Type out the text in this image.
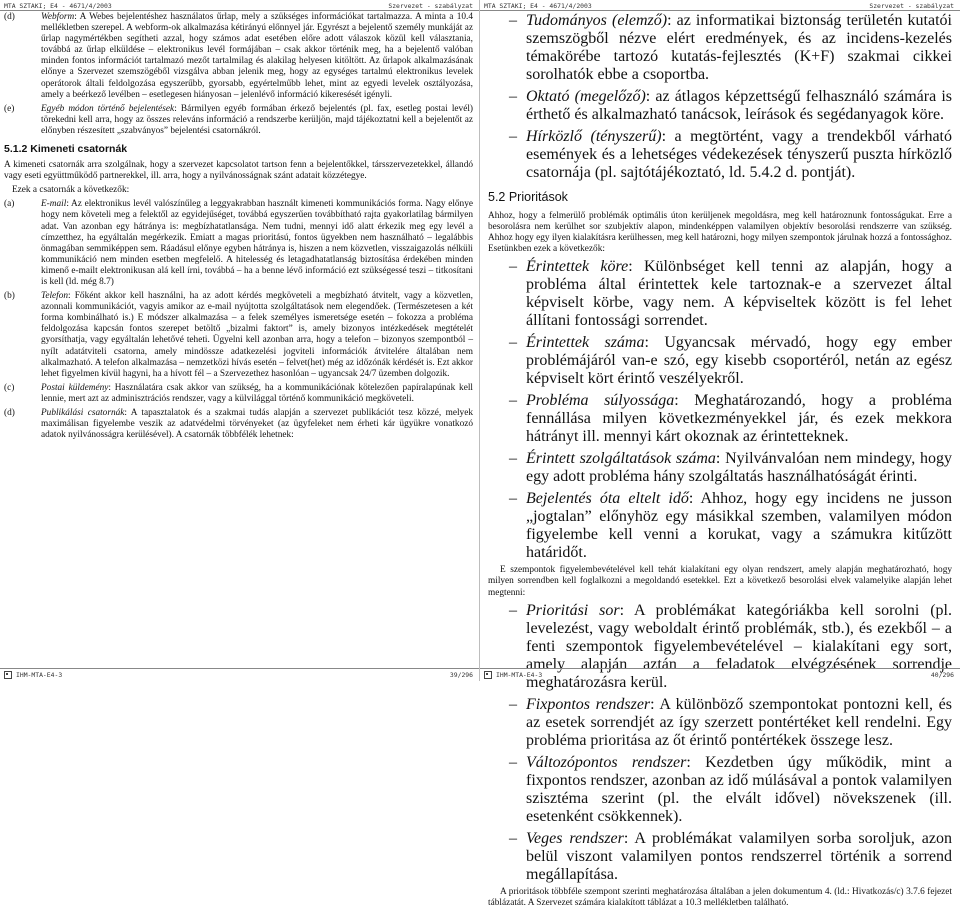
MTA SZTAKI; E4 - 4671/4/2003	Szervezet - szabályzat
(d)	Webform: A Webes bejelentéshez használatos űrlap, mely a szükséges információkat tartalmazza. A minta a 10.4 mellékletben szerepel. A webform-ok alkalmazása kétirányú előnnyel jár. Egyrészt a bejelentő személy munkáját az űrlap nagymértékben segítheti azzal, hogy számos adat esetében előre adott válaszok közül kell választania, továbbá az űrlap elküldése – elektronikus levél formájában – csak akkor történik meg, ha a bejelentő valóban minden fontos információt tartalmazó mezőt tartalmilag és alakilag helyesen kitöltött. Az űrlapok alkalmazásának előnye a Szervezet szemszögéből vizsgálva abban jelenik meg, hogy az egységes tartalmú elektronikus levelek operátorok általi feldolgozása egyszerűbb, gyorsabb, egyértelműbb lehet, mint az egyedi levelek osztályozása, amely a beérkező levélben – esetlegesen hiányosan – jelenlévő információ kikeresését igényli.
(e)	Egyéb módon történő bejelentések: Bármilyen egyéb formában érkező bejelentés (pl. fax, esetleg postai levél) törekedni kell arra, hogy az összes releváns információ a rendszerbe kerüljön, majd tájékoztatni kell a bejelentőt az előnyben részesített „szabványos” bejelentési csatornákról.
5.1.2 Kimeneti csatornák

A kimeneti csatornák arra szolgálnak, hogy a szervezet kapcsolatot tartson fenn a bejelentőkkel, társszervezetekkel, állandó vagy eseti együttműködő partnerekkel, ill. arra, hogy a nyilvánosságnak szánt adatait közzétegye.

Ezek a csatornák a következők:

(a)	E-mail: Az elektronikus levél valószínűleg a leggyakrabban használt kimeneti kommunikációs forma. Nagy előnye hogy nem követeli meg a felektől az egyidejűséget, továbbá egyszerűen továbbítható rajta gyakorlatilag bármilyen adat. Van azonban egy hátránya is: megbízhatatlansága. Nem tudni, mennyi idő alatt érkezik meg egy levél a címzetthez, ha egyáltalán megérkezik. Emiatt a magas prioritású, fontos ügyekben nem használható – legalábbis önmagában semmiképpen sem. Ráadásul előnye egyben hátránya is, hiszen a nem közvetlen, visszaigazolás nélküli kommunikáció nem minden esetben megfelelő. A hitelesség és letagadhatatlanság biztosítása érdekében minden kimenő e-mailt elektronikusan alá kell írni, továbbá – ha a benne lévő információ ezt szükségessé teszi – titkosítani is kell (ld. még 8.7)
(b)	Telefon: Főként akkor kell használni, ha az adott kérdés megköveteli a megbízható átvitelt, vagy a közvetlen, azonnali kommunikációt, vagyis amikor az e-mail nyújtotta szolgáltatások nem elegendőek. (Természetesen a két forma kombinálható is.) E módszer alkalmazása – a felek személyes ismeretsége esetén – fokozza a probléma feldolgozása kapcsán fontos szerepet betöltő „bizalmi faktort” is, amely bizonyos intézkedések megtételét gyorsíthatja, vagy egyáltalán lehetővé teheti. Ügyelni kell azonban arra, hogy a telefon – bizonyos szempontból – nyílt adatátviteli csatorna, amely mindössze adatkezelési jogviteli információk átvitelére általában nem alkalmazható. A telefon alkalmazása – nemzetközi hívás esetén – felvet(het) még az időzónák kérdését is. Ezt akkor lehet figyelmen kívül hagyni, ha a hívott fél – a Szervezethez hasonlóan – ugyancsak 24/7 üzemben dolgozik.
(c)	Postai küldemény: Használatára csak akkor van szükség, ha a kommunikációnak kötelezően papíralapúnak kell lennie, mert azt az adminisztrációs rendszer, vagy a külvilággal történő kommunikáció megköveteli.
(d)	Publikálási csatornák: A tapasztalatok és a szakmai tudás alapján a szervezet publikációt tesz közzé, melyek maximálisan figyelembe veszik az adatvédelmi törvényeket (az ügyfeleket nem érheti kár ügyükre vonatkozó adatok nyilvánosságra kerülésével). A csatornák többfélék lehetnek:
IHM-MTA-E4-3	39/296
MTA SZTAKI; E4 - 4671/4/2003	Szervezet - szabályzat
– Tudományos (elemző): az informatikai biztonság területén kutatói szemszögből nézve elért eredmények, és az incidens-kezelés témakörébe tartozó kutatás-fejlesztés (K+F) szakmai cikkei sorolhatók ebbe a csoportba.
– Oktató (megelőző): az átlagos képzettségű felhasználó számára is érthető és alkalmazható tanácsok, leírások és segédanyagok köre.
– Hírközlő (tényszerű): a megtörtént, vagy a trendekből várható események és a lehetséges védekezések tényszerű puszta hírközlő csatornája (pl. sajtótájékoztató, ld. 5.4.2 d. pontját).
5.2 Prioritások

Ahhoz, hogy a felmerülő problémák optimális úton kerüljenek megoldásra, meg kell határoznunk fontosságukat. Erre a besorolásra nem kerülhet sor szubjektív alapon, mindenképpen valamilyen objektív besorolási rendszerre van szükség. Ahhoz hogy egy ilyen kialakításra kerülhessen, meg kell határozni, hogy milyen szempontok járulnak hozzá a fontossághoz. Esetünkben ezek a következők:

– Érintettek köre: Különbséget kell tenni az alapján, hogy a probléma által érintettek kele tartoznak-e a szervezet által képviselt körbe, vagy nem. A képviseltek között is fel lehet állítani fontossági sorrendet.
– Érintettek száma: Ugyancsak mérvadó, hogy egy ember problémájáról van-e szó, egy kisebb csoportéról, netán az egész képviselt kört érintő veszélyekről.
– Probléma súlyossága: Meghatározandó, hogy a probléma fennállása milyen következményekkel jár, és ezek mekkora hátrányt ill. mennyi kárt okoznak az érintetteknek.
– Érintett szolgáltatások száma: Nyilvánvalóan nem mindegy, hogy egy adott probléma hány szolgáltatás használhatóságát érinti.
– Bejelentés óta eltelt idő: Ahhoz, hogy egy incidens ne jusson „jogtalan” előnyhöz egy másikkal szemben, valamilyen módon figyelembe kell venni a korukat, vagy a számukra kitűzött határidőt.

E szempontok figyelembevételével kell tehát kialakítani egy olyan rendszert, amely alapján meghatározható, hogy milyen sorrendben kell foglalkozni a megoldandó esetekkel. Ezt a következő besorolási elvek valamelyike alapján lehet megtenni:

– Prioritási sor: A problémákat kategóriákba kell sorolni (pl. levelezést, vagy weboldalt érintő problémák, stb.), és ezekből – a fenti szempontok figyelembevételével – kialakítani egy sort, amely alapján aztán a feladatok elvégzésének sorrendje meghatározásra kerül.
– Fixpontos rendszer: A különböző szempontokat pontozni kell, és az esetek sorrendjét az így szerzett pontértéket kell rendelni. Egy probléma prioritása az őt érintő pontértékek összege lesz.
– Változópontos rendszer: Kezdetben úgy működik, mint a fixpontos rendszer, azonban az idő múlásával a pontok valamilyen szisztéma szerint (pl. the elvált idővel) növekszenek (ill. esetenként csökkennek).
– Veges rendszer: A problémákat valamilyen sorba soroljuk, azon belül viszont valamilyen pontos rendszerrel történik a sorrend megállapítása.

A prioritások többféle szempont szerinti meghatározása általában a jelen dokumentum 4. (ld.: Hivatkozás/c) 3.7.6 fejezet táblázatát. A Szervezet számára kialakított táblázat a 10.3 mellékletben található.

IHM-MTA-E4-3	40/296
